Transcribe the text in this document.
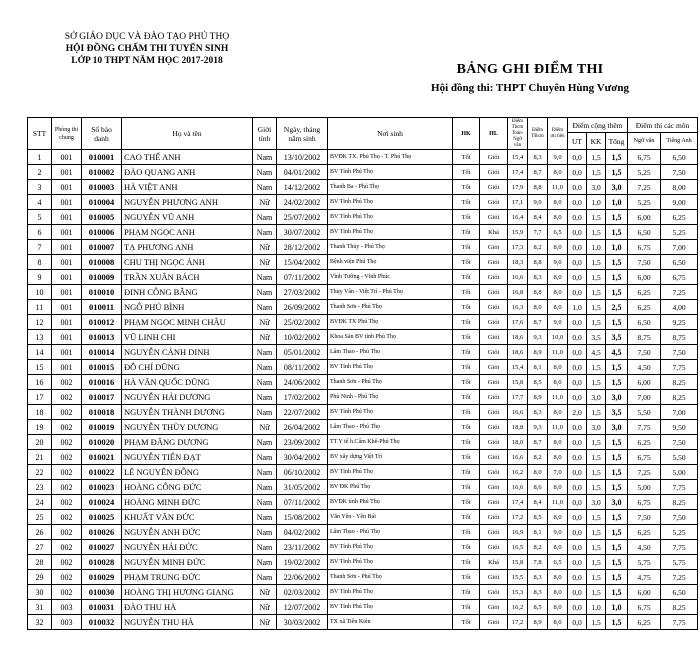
SỞ GIÁO DỤC VÀ ĐÀO TẠO PHÚ THỌ
HỘI ĐỒNG CHẤM THI TUYỂN SINH
LỚP 10 THPT NĂM HỌC 2017-2018
BẢNG GHI ĐIỂM THI
Hội đồng thi: THPT Chuyên Hùng Vương
STT	Phòng thi chung	Số báo danh	Họ và tên	Giới tính	Ngày, tháng năm sinh	Nơi sinh	HK	HL	Điểm Tbcm Toán-Ngữ văn	Điểm TBcm	Điểm ưu tiên	Điểm cộng thêm			Điểm thi các môn	
												UT	KK	Tổng	Ngữ văn	Tiếng Anh
1	001	010001	CAO THẾ ANH	Nam	13/10/2002	BVĐK TX. Phú Thọ - T. Phú Thọ	Tốt	Giỏi	15,4	8,3	9,0	0,0	1,5	1,5	6,75	6,50
2	001	010002	ĐÀO QUANG ANH	Nam	04/01/2002	BV Tỉnh Phú Thọ	Tốt	Giỏi	17,4	8,7	8,0	0,0	1,5	1,5	5,25	7,50
3	001	010003	HÀ VIỆT ANH	Nam	14/12/2002	Thanh Ba - Phú Thọ	Tốt	Giỏi	17,9	8,8	11,0	0,0	3,0	3,0	7,25	8,00
4	001	010004	NGUYỄN PHƯƠNG ANH	Nữ	24/02/2002	BV Tỉnh Phú Thọ	Tốt	Giỏi	17,1	9,0	8,0	0,0	1,0	1,0	5,25	9,00
5	001	010005	NGUYỄN VŨ ANH	Nam	25/07/2002	BV Tỉnh Phú Thọ	Tốt	Giỏi	16,4	8,4	8,0	0,0	1,5	1,5	6,00	6,25
6	001	010006	PHẠM NGỌC ANH	Nam	30/07/2002	BV Tỉnh Phú Thọ	Tốt	Khá	15,9	7,7	6,5	0,0	1,5	1,5	6,50	5,25
7	001	010007	TẠ PHƯƠNG ANH	Nữ	28/12/2002	Thanh Thủy - Phú Thọ	Tốt	Giỏi	17,3	8,2	8,0	0,0	1,0	1,0	6,75	7,00
8	001	010008	CHU THỊ NGỌC ÁNH	Nữ	15/04/2002	Bệnh viện Phú Thọ	Tốt	Giỏi	18,3	8,8	9,0	0,0	1,5	1,5	7,50	6,50
9	001	010009	TRẦN XUÂN BÁCH	Nam	07/11/2002	Vĩnh Tường - Vĩnh Phúc	Tốt	Giỏi	16,6	8,3	8,0	0,0	1,5	1,5	6,00	6,75
10	001	010010	ĐINH CÔNG BẰNG	Nam	27/03/2002	Thụy Vân - Việt Trì - Phú Thọ	Tốt	Giỏi	16,8	8,8	8,0	0,0	1,5	1,5	6,25	7,25
11	001	010011	NGÔ PHÚ BÌNH	Nam	26/09/2002	Thanh Sơn - Phú Thọ	Tốt	Giỏi	16,3	8,0	8,0	1,0	1,5	2,5	6,25	4,00
12	001	010012	PHẠM NGỌC MINH CHÂU	Nữ	25/02/2002	BVĐK TX Phú Thọ	Tốt	Giỏi	17,6	8,7	9,0	0,0	1,5	1,5	6,50	9,25
13	001	010013	VŨ LINH CHI	Nữ	10/02/2002	Khoa Sản BV tỉnh Phú Thọ	Tốt	Giỏi	18,6	9,3	10,0	0,0	3,5	3,5	8,75	8,75
14	001	010014	NGUYỄN CẢNH DINH	Nam	05/01/2002	Lâm Thao - Phú Thọ	Tốt	Giỏi	18,6	8,9	11,0	0,0	4,5	4,5	7,50	7,50
15	001	010015	ĐỖ CHÍ DŨNG	Nam	08/11/2002	BV Tỉnh Phú Thọ	Tốt	Giỏi	15,4	8,1	8,0	0,0	1,5	1,5	4,50	7,75
16	002	010016	HÀ VĂN QUỐC DŨNG	Nam	24/06/2002	Thanh Sơn - Phú Thọ	Tốt	Giỏi	15,8	8,5	8,0	0,0	1,5	1,5	6,00	8,25
17	002	010017	NGUYỄN HẢI DƯƠNG	Nam	17/02/2002	Phù Ninh - Phú Thọ	Tốt	Giỏi	17,7	8,9	11,0	0,0	3,0	3,0	7,00	8,25
18	002	010018	NGUYỄN THÀNH DƯƠNG	Nam	22/07/2002	BV Tỉnh Phú Thọ	Tốt	Giỏi	16,6	8,3	8,0	2,0	1,5	3,5	5,50	7,00
19	002	010019	NGUYỄN THÙY DƯƠNG	Nữ	26/04/2002	Lâm Thao - Phú Thọ	Tốt	Giỏi	18,8	9,3	11,0	0,0	3,0	3,0	7,75	9,50
20	002	010020	PHẠM ĐĂNG DƯƠNG	Nam	23/09/2002	TT Y tế h.Cẩm Khê-Phú Thọ	Tốt	Giỏi	18,0	8,7	8,0	0,0	1,5	1,5	6,25	7,50
21	002	010021	NGUYỄN TIẾN ĐẠT	Nam	30/04/2002	BV xây dựng Việt Trì	Tốt	Giỏi	16,6	8,2	8,0	0,0	1,5	1,5	6,75	5,50
22	002	010022	LÊ NGUYÊN ĐÔNG	Nam	06/10/2002	BV Tỉnh Phú Thọ	Tốt	Giỏi	16,2	8,0	7,0	0,0	1,5	1,5	7,25	5,00
23	002	010023	HOÀNG CÔNG ĐỨC	Nam	31/05/2002	BV ĐK Phú Thọ	Tốt	Giỏi	16,6	8,6	8,0	0,0	1,5	1,5	5,00	7,75
24	002	010024	HOÀNG MINH ĐỨC	Nam	07/11/2002	BVĐK tỉnh Phú Thọ	Tốt	Giỏi	17,4	8,4	11,0	0,0	3,0	3,0	6,75	8,25
25	002	010025	KHUẤT VĂN ĐỨC	Nam	15/08/2002	Văn Yên - Yên Bái	Tốt	Giỏi	17,2	8,5	8,0	0,0	1,5	1,5	7,50	7,50
26	002	010026	NGUYỄN ANH ĐỨC	Nam	04/02/2002	Lâm Thao - Phú Thọ	Tốt	Giỏi	16,9	8,1	9,0	0,0	1,5	1,5	6,25	5,25
27	002	010027	NGUYỄN HẢI ĐỨC	Nam	23/11/2002	BV Tỉnh Phú Thọ	Tốt	Giỏi	16,5	8,2	8,0	0,0	1,5	1,5	4,50	7,75
28	002	010028	NGUYỄN MINH ĐỨC	Nam	19/02/2002	BV Tỉnh Phú Thọ	Tốt	Khá	15,8	7,8	6,5	0,0	1,5	1,5	5,75	5,75
29	002	010029	PHẠM TRUNG ĐỨC	Nam	22/06/2002	Thanh Sơn - Phú Thọ	Tốt	Giỏi	15,5	8,3	8,0	0,0	1,5	1,5	4,75	7,25
30	002	010030	HOÀNG THỊ HƯƠNG GIANG	Nữ	02/03/2002	BV Tỉnh Phú Thọ	Tốt	Giỏi	15,3	8,3	8,0	0,0	1,5	1,5	6,00	6,50
31	003	010031	ĐÀO THU HÀ	Nữ	12/07/2002	BV Tỉnh Phú Thọ	Tốt	Giỏi	16,2	8,5	8,0	0,0	1,0	1,0	6,75	8,25
32	003	010032	NGUYỄN THU HÀ	Nữ	30/03/2002	TX xã Tiên Kiên	Tốt	Giỏi	17,2	8,9	8,0	0,0	1,5	1,5	6,25	7,75
